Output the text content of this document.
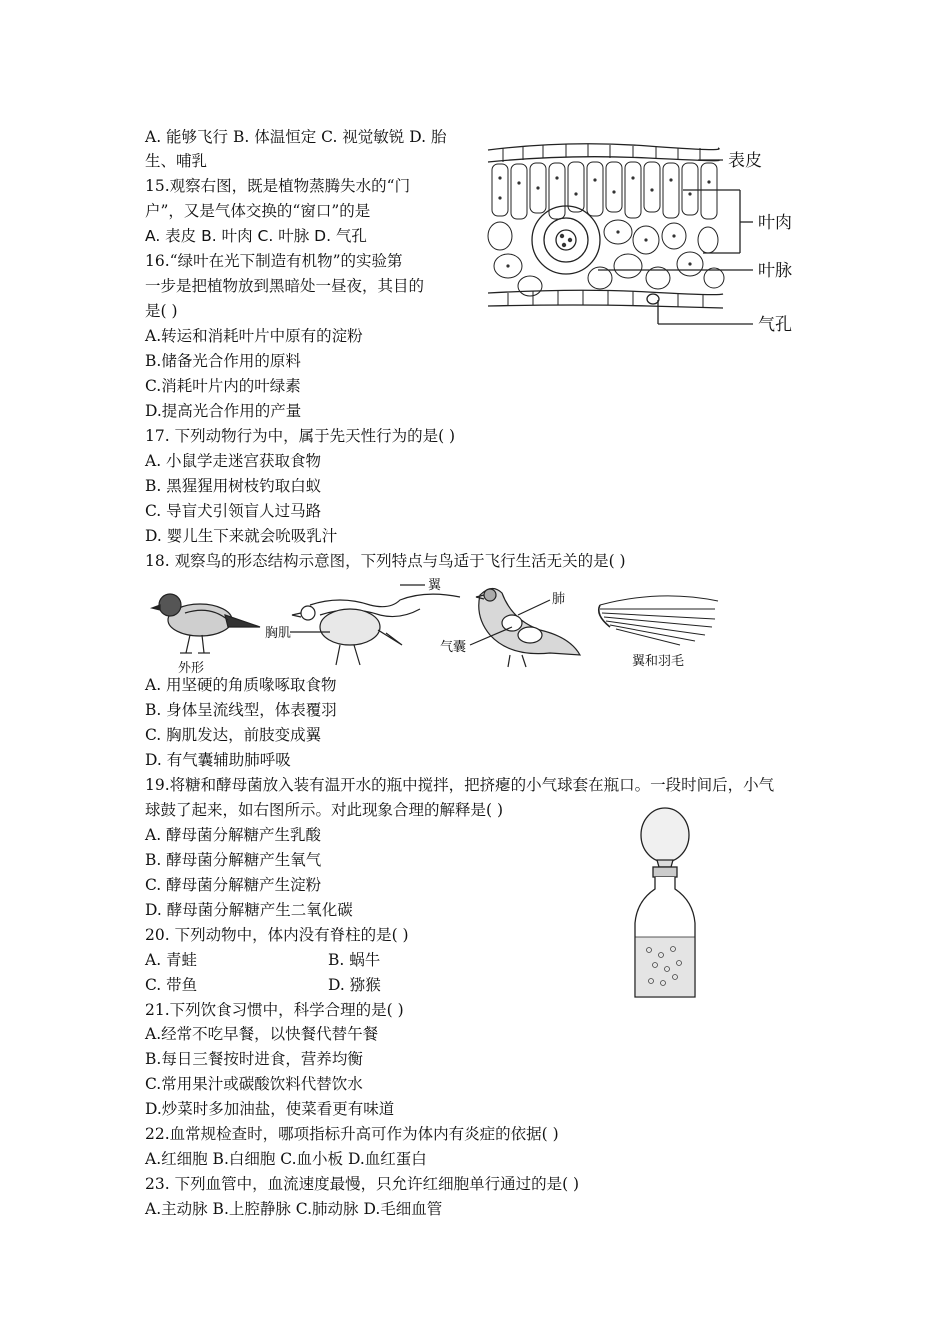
A. 能够飞行 B. 体温恒定 C. 视觉敏锐 D. 胎
生、哺乳
15.观察右图，既是植物蒸腾失水的“门
户”，又是气体交换的“窗口”的是
A. 表皮 B. 叶肉 C. 叶脉 D. 气孔
16.“绿叶在光下制造有机物”的实验第
一步是把植物放到黑暗处一昼夜，其目的
是( )
A.转运和消耗叶片中原有的淀粉
B.储备光合作用的原料
C.消耗叶片内的叶绿素
D.提高光合作用的产量
17. 下列动物行为中，属于先天性行为的是( )
A. 小鼠学走迷宫获取食物
B. 黑猩猩用树枝钓取白蚁
C. 导盲犬引领盲人过马路
D. 婴儿生下来就会吮吸乳汁
表皮
叶肉
叶脉
气孔
18. 观察鸟的形态结构示意图，下列特点与鸟适于飞行生活无关的是( )
外形
胸肌
翼
肺
气囊
翼和羽毛
A. 用坚硬的角质喙啄取食物
B. 身体呈流线型，体表覆羽
C. 胸肌发达，前肢变成翼
D. 有气囊辅助肺呼吸
19.将糖和酵母菌放入装有温开水的瓶中搅拌，把挤瘪的小气球套在瓶口。一段时间后，小气
球鼓了起来，如右图所示。对此现象合理的解释是( )
A. 酵母菌分解糖产生乳酸
B. 酵母菌分解糖产生氧气
C. 酵母菌分解糖产生淀粉
D. 酵母菌分解糖产生二氧化碳
20. 下列动物中，体内没有脊柱的是( )
A. 青蛙	B. 蜗牛
C. 带鱼	D. 猕猴
21.下列饮食习惯中，科学合理的是( )
A.经常不吃早餐，以快餐代替午餐
B.每日三餐按时进食，营养均衡
C.常用果汁或碳酸饮料代替饮水
D.炒菜时多加油盐，使菜看更有味道
22.血常规检查时，哪项指标升高可作为体内有炎症的依据( )
A.红细胞 B.白细胞 C.血小板 D.血红蛋白
23. 下列血管中，血流速度最慢，只允许红细胞单行通过的是( )
A.主动脉 B.上腔静脉 C.肺动脉 D.毛细血管
